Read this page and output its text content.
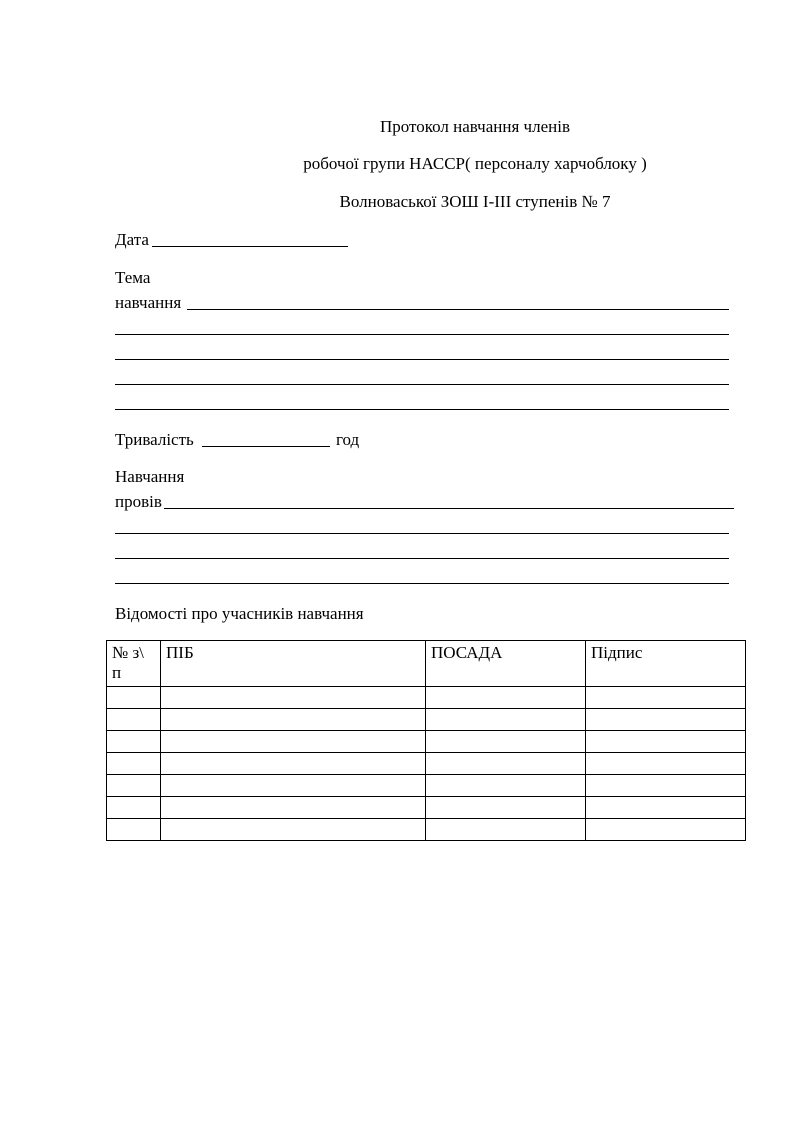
Протокол навчання членів
робочої групи НАССР( персоналу харчоблоку )
Волноваської ЗОШ І-ІІІ ступенів № 7
Дата
Тема
навчання
Тривалість	год
Навчання
провів
Відомості про учасників навчання
№ з\ п	ПІБ	ПОСАДА	Підпис
